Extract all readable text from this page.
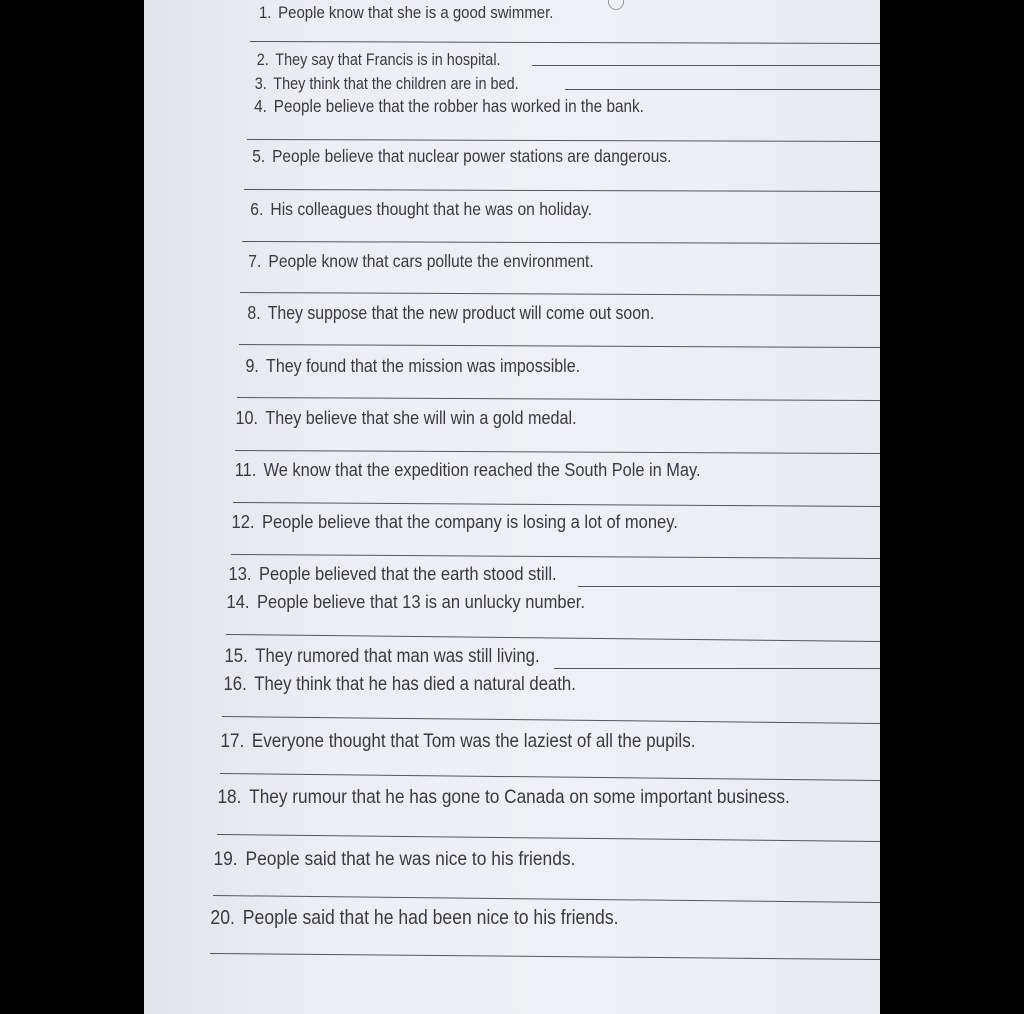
1. People know that she is a good swimmer.
2. They say that Francis is in hospital.
3. They think that the children are in bed.
4. People believe that the robber has worked in the bank.
5. People believe that nuclear power stations are dangerous.
6. His colleagues thought that he was on holiday.
7. People know that cars pollute the environment.
8. They suppose that the new product will come out soon.
9. They found that the mission was impossible.
10. They believe that she will win a gold medal.
11. We know that the expedition reached the South Pole in May.
12. People believe that the company is losing a lot of money.
13. People believed that the earth stood still.
14. People believe that 13 is an unlucky number.
15. They rumored that man was still living.
16. They think that he has died a natural death.
17. Everyone thought that Tom was the laziest of all the pupils.
18. They rumour that he has gone to Canada on some important business.
19. People said that he was nice to his friends.
20. People said that he had been nice to his friends.
